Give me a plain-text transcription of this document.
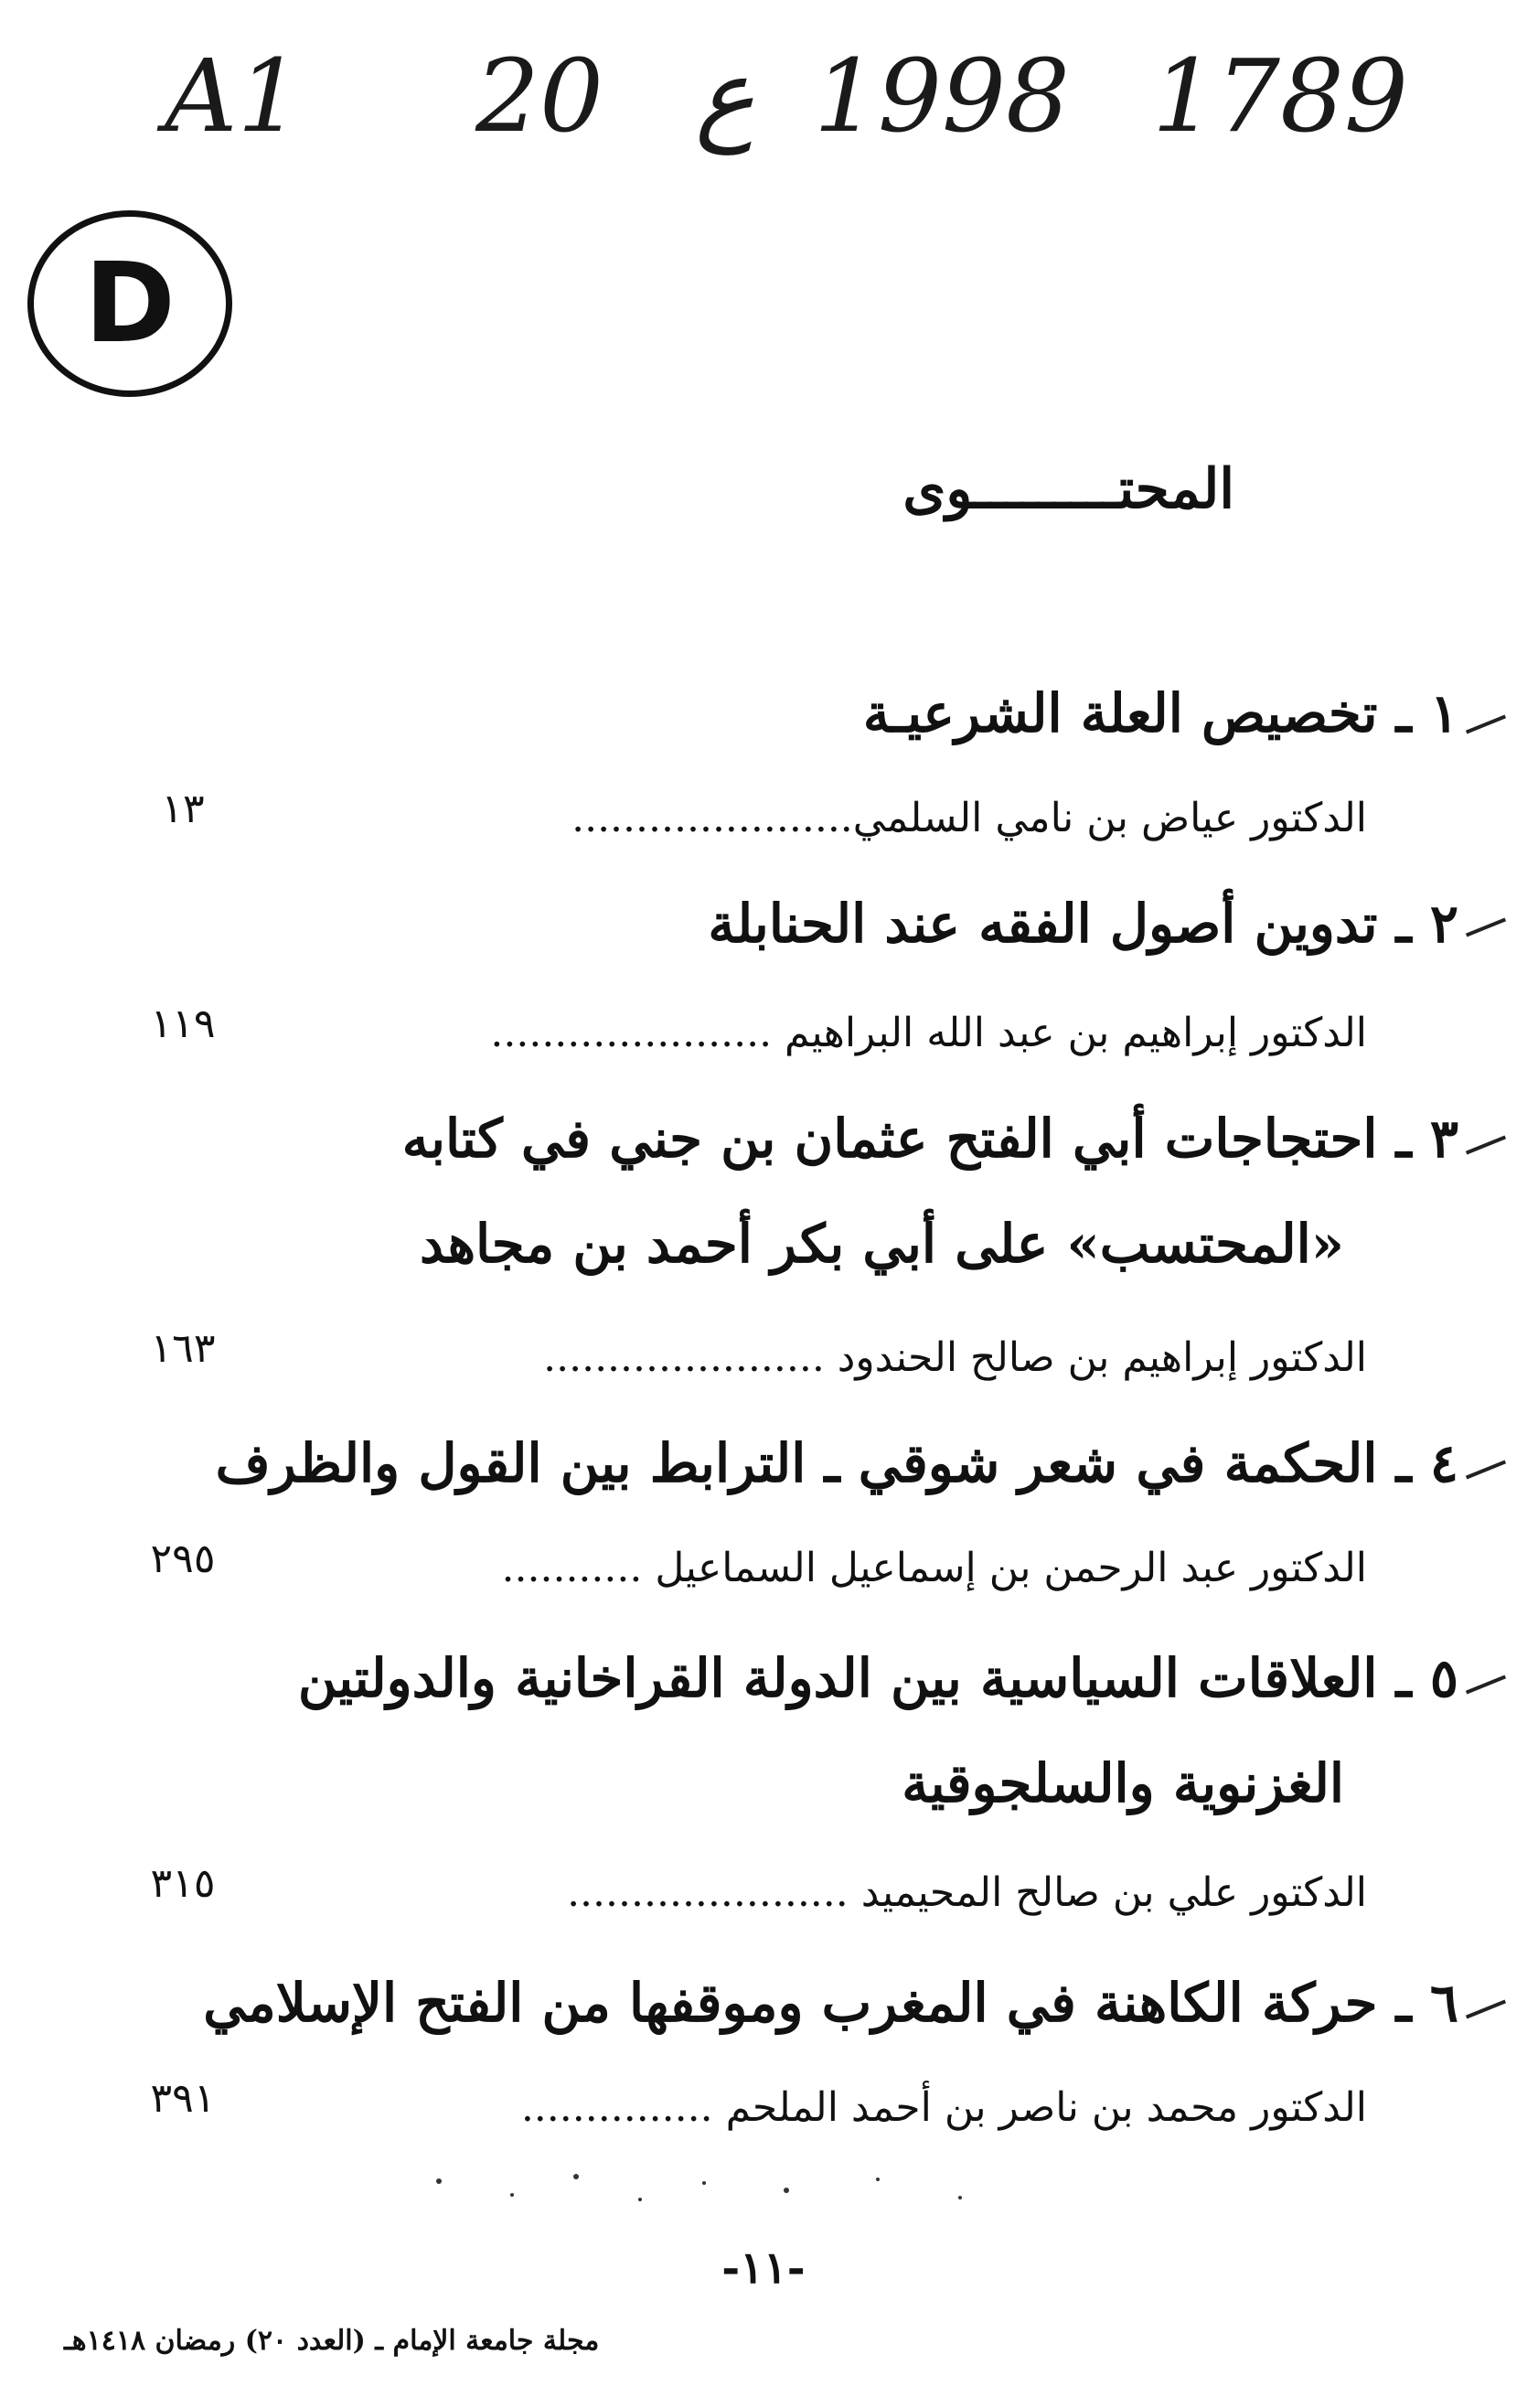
A1 20 ع 1998 1789
D
المحتـــــــــوى
١ ـ تخصيص العلة الشرعيـة
الدكتور عياض بن نامي السلمي......................
١٣
٢ ـ تدوين أصول الفقه عند الحنابلة
الدكتور إبراهيم بن عبد الله البراهيم ......................
١١٩
٣ ـ احتجاجات أبي الفتح عثمان بن جني في كتابه
«المحتسب» على أبي بكر أحمد بن مجاهد
الدكتور إبراهيم بن صالح الحندود ......................
١٦٣
٤ ـ الحكمة في شعر شوقي ـ الترابط بين القول والظرف
الدكتور عبد الرحمن بن إسماعيل السماعيل ...........
٢٩٥
٥ ـ العلاقات السياسية بين الدولة القراخانية والدولتين
الغزنوية والسلجوقية
الدكتور علي بن صالح المحيميد ......................
٣١٥
٦ ـ حركة الكاهنة في المغرب وموقفها من الفتح الإسلامي
الدكتور محمد بن ناصر بن أحمد الملحم ...............
٣٩١
-١١-
مجلة جامعة الإمام ـ (العدد ٢٠) رمضان ١٤١٨هـ
